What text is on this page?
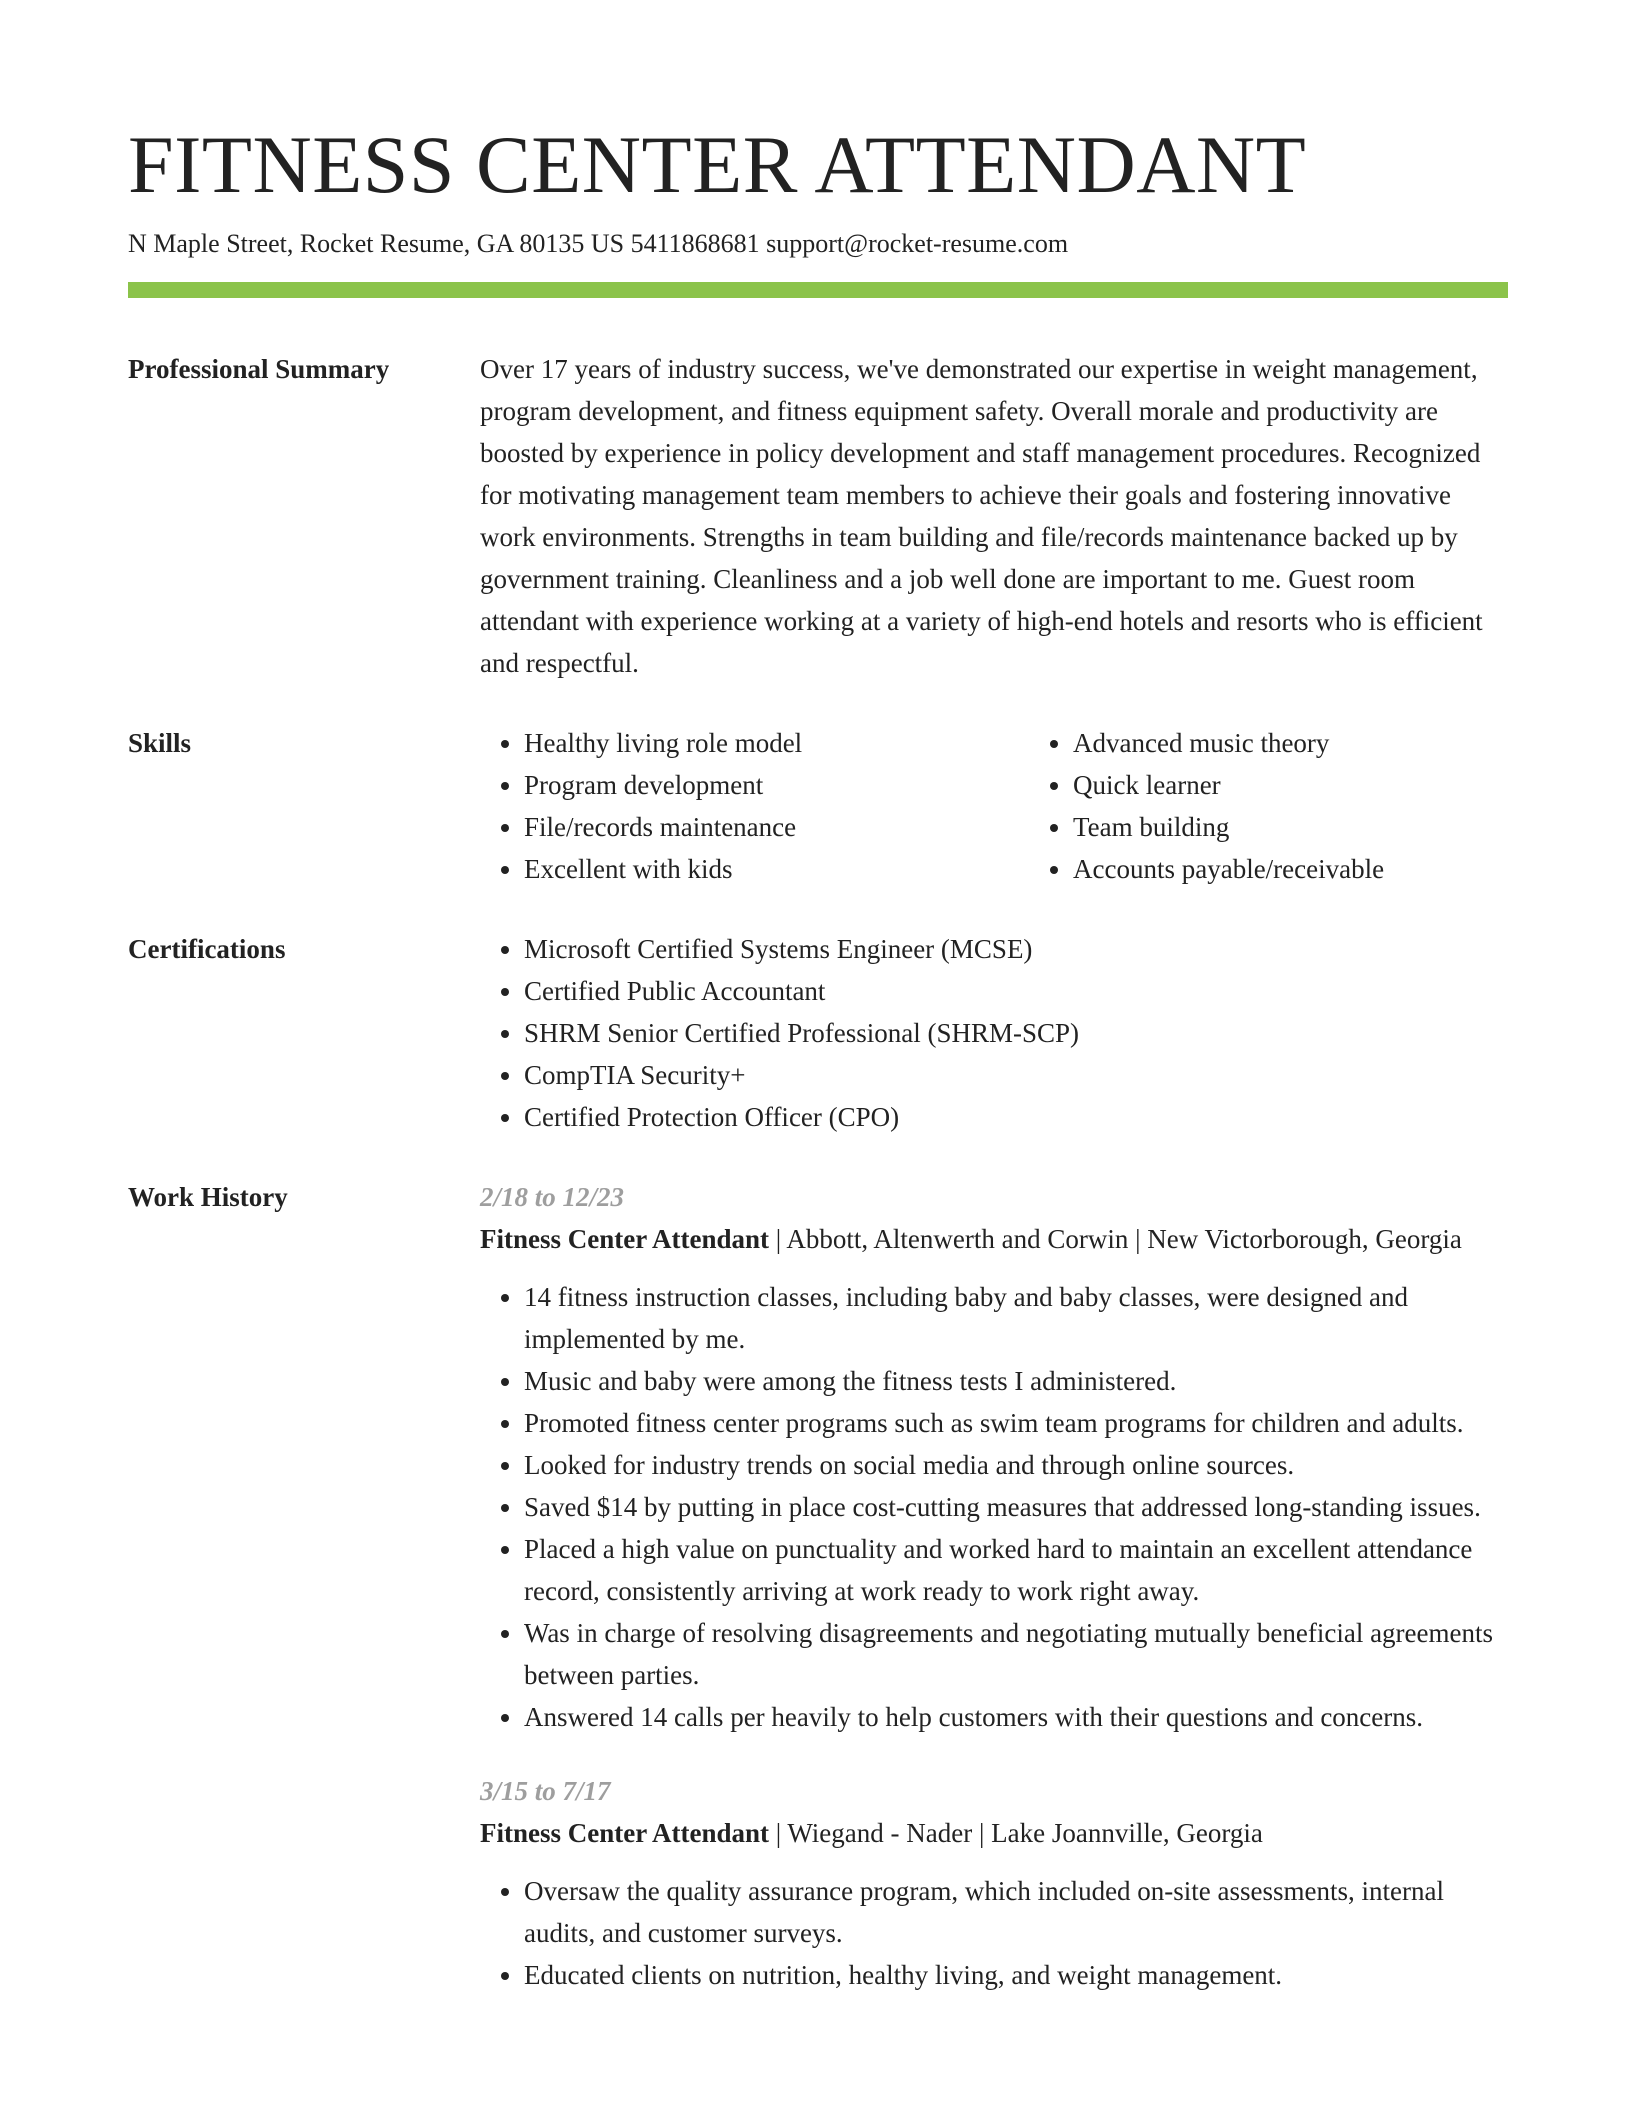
FITNESS CENTER ATTENDANT
N Maple Street, Rocket Resume, GA 80135 US 5411868681 support@rocket-resume.com
Professional Summary	Over 17 years of industry success, we've demonstrated our expertise in weight management, program development, and fitness equipment safety. Overall morale and productivity are boosted by experience in policy development and staff management procedures. Recognized for motivating management team members to achieve their goals and fostering innovative work environments. Strengths in team building and file/records maintenance backed up by government training. Cleanliness and a job well done are important to me. Guest room attendant with experience working at a variety of high-end hotels and resorts who is efficient and respectful.

Skills	• Healthy living role model
• Program development
• File/records maintenance
• Excellent with kids
• Advanced music theory
• Quick learner
• Team building
• Accounts payable/receivable
Certifications	• Microsoft Certified Systems Engineer (MCSE)
• Certified Public Accountant
• SHRM Senior Certified Professional (SHRM-SCP)
• CompTIA Security+
• Certified Protection Officer (CPO)
Work History	2/18 to 12/23
Fitness Center Attendant | Abbott, Altenwerth and Corwin | New Victorborough, Georgia
• 14 fitness instruction classes, including baby and baby classes, were designed and implemented by me.
• Music and baby were among the fitness tests I administered.
• Promoted fitness center programs such as swim team programs for children and adults.
• Looked for industry trends on social media and through online sources.
• Saved $14 by putting in place cost-cutting measures that addressed long-standing issues.
• Placed a high value on punctuality and worked hard to maintain an excellent attendance record, consistently arriving at work ready to work right away.
• Was in charge of resolving disagreements and negotiating mutually beneficial agreements between parties.
• Answered 14 calls per heavily to help customers with their questions and concerns.
3/15 to 7/17
Fitness Center Attendant | Wiegand - Nader | Lake Joannville, Georgia
• Oversaw the quality assurance program, which included on-site assessments, internal audits, and customer surveys.
• Educated clients on nutrition, healthy living, and weight management.
